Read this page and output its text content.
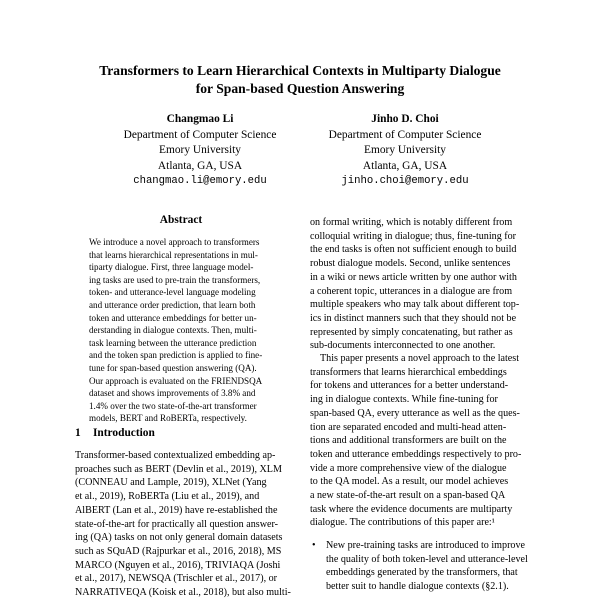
Transformers to Learn Hierarchical Contexts in Multiparty Dialogue
for Span-based Question Answering
Changmao Li
Department of Computer Science
Emory University
Atlanta, GA, USA
changmao.li@emory.edu
Jinho D. Choi
Department of Computer Science
Emory University
Atlanta, GA, USA
jinho.choi@emory.edu
Abstract
We introduce a novel approach to transformers
that learns hierarchical representations in mul-
tiparty dialogue. First, three language model-
ing tasks are used to pre-train the transformers,
token- and utterance-level language modeling
and utterance order prediction, that learn both
token and utterance embeddings for better un-
derstanding in dialogue contexts. Then, multi-
task learning between the utterance prediction
and the token span prediction is applied to fine-
tune for span-based question answering (QA).
Our approach is evaluated on the FRIENDSQA
dataset and shows improvements of 3.8% and
1.4% over the two state-of-the-art transformer
models, BERT and RoBERTa, respectively.
1 Introduction
Transformer-based contextualized embedding ap-
proaches such as BERT (Devlin et al., 2019), XLM
(CONNEAU and Lample, 2019), XLNet (Yang
et al., 2019), RoBERTa (Liu et al., 2019), and
AlBERT (Lan et al., 2019) have re-established the
state-of-the-art for practically all question answer-
ing (QA) tasks on not only general domain datasets
such as SQuAD (Rajpurkar et al., 2016, 2018), MS
MARCO (Nguyen et al., 2016), TRIVIAQA (Joshi
et al., 2017), NEWSQA (Trischler et al., 2017), or
NARRATIVEQA (Koisk et al., 2018), but also multi-
on formal writing, which is notably different from
colloquial writing in dialogue; thus, fine-tuning for
the end tasks is often not sufficient enough to build
robust dialogue models. Second, unlike sentences
in a wiki or news article written by one author with
a coherent topic, utterances in a dialogue are from
multiple speakers who may talk about different top-
ics in distinct manners such that they should not be
represented by simply concatenating, but rather as
sub-documents interconnected to one another.
This paper presents a novel approach to the latest
transformers that learns hierarchical embeddings
for tokens and utterances for a better understand-
ing in dialogue contexts. While fine-tuning for
span-based QA, every utterance as well as the ques-
tion are separated encoded and multi-head atten-
tions and additional transformers are built on the
token and utterance embeddings respectively to pro-
vide a more comprehensive view of the dialogue
to the QA model. As a result, our model achieves
a new state-of-the-art result on a span-based QA
task where the evidence documents are multiparty
dialogue. The contributions of this paper are:¹
• New pre-training tasks are introduced to improve
the quality of both token-level and utterance-level
embeddings generated by the transformers, that
better suit to handle dialogue contexts (§2.1).
